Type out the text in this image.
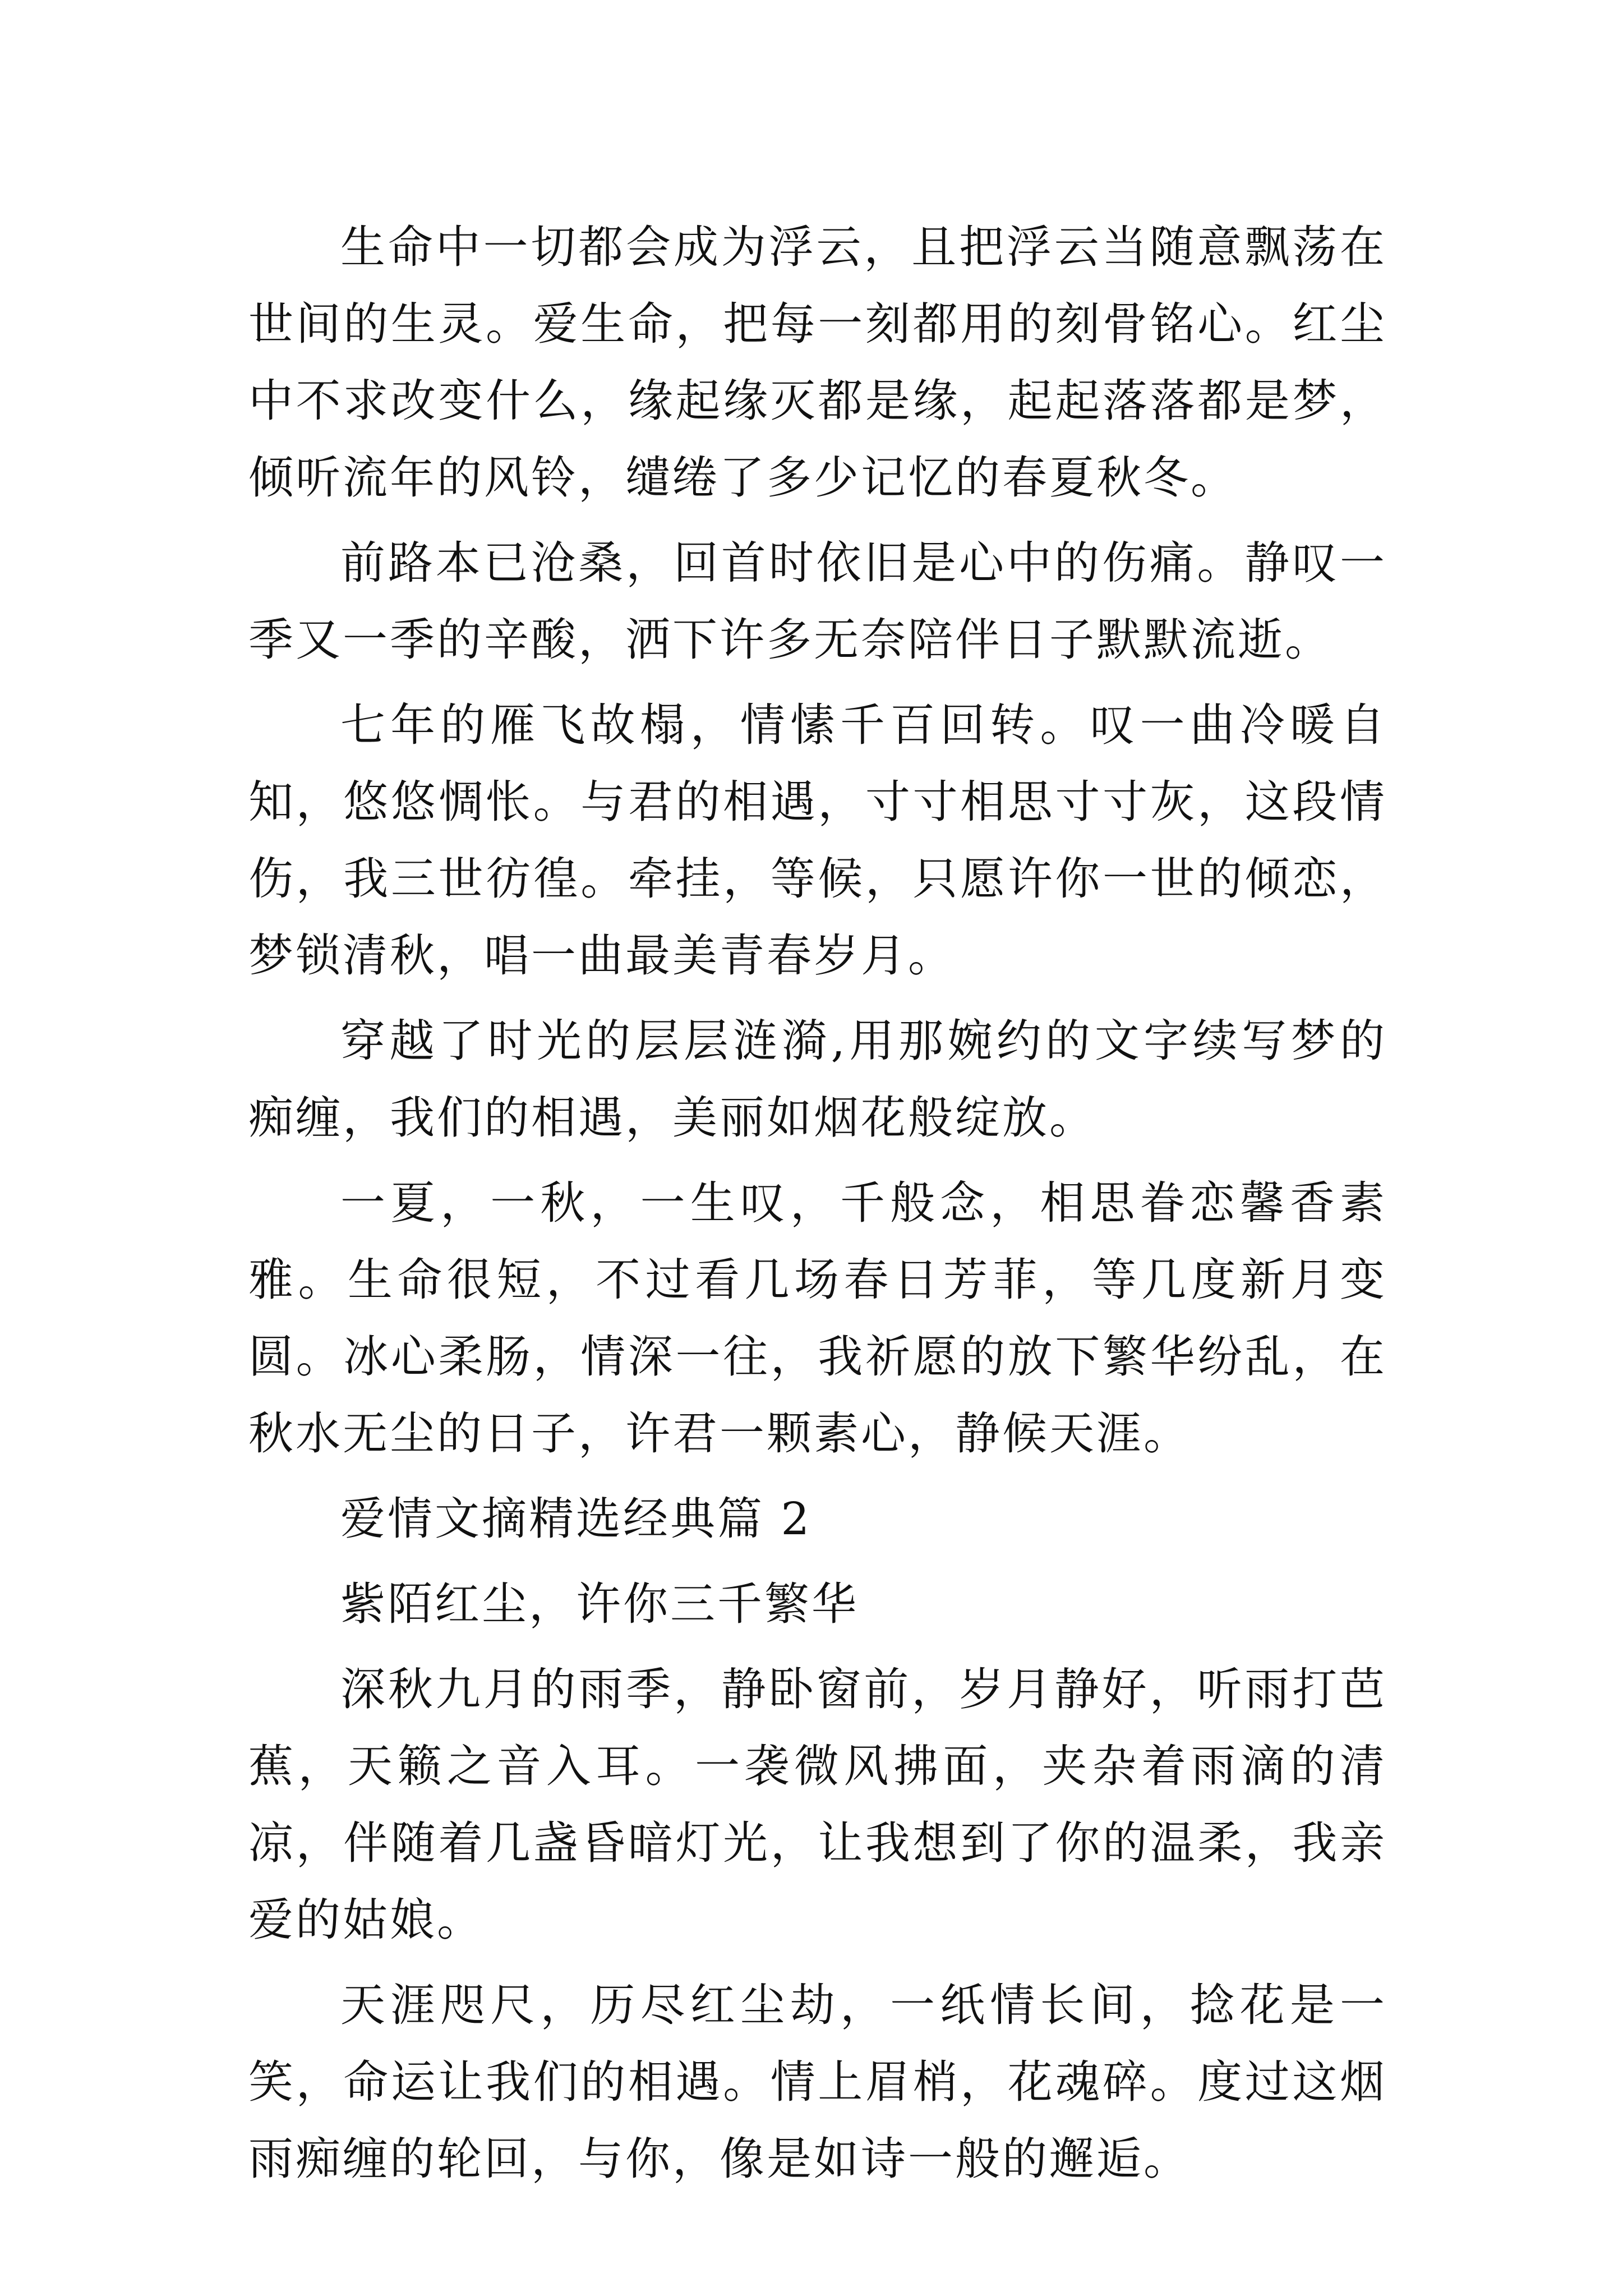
生命中一切都会成为浮云，且把浮云当随意飘荡在世间的生灵。爱生命，把每一刻都用的刻骨铭心。红尘中不求改变什么，缘起缘灭都是缘，起起落落都是梦，倾听流年的风铃，缱绻了多少记忆的春夏秋冬。

前路本已沧桑，回首时依旧是心中的伤痛。静叹一季又一季的辛酸，洒下许多无奈陪伴日子默默流逝。

七年的雁飞故榻，情愫千百回转。叹一曲冷暖自知，悠悠惆怅。与君的相遇，寸寸相思寸寸灰，这段情伤，我三世彷徨。牵挂，等候，只愿许你一世的倾恋，梦锁清秋，唱一曲最美青春岁月。

穿越了时光的层层涟漪,用那婉约的文字续写梦的痴缠，我们的相遇，美丽如烟花般绽放。

一夏，一秋，一生叹，千般念，相思眷恋馨香素雅。生命很短，不过看几场春日芳菲，等几度新月变圆。冰心柔肠，情深一往，我祈愿的放下繁华纷乱，在秋水无尘的日子，许君一颗素心，静候天涯。

爱情文摘精选经典篇 2

紫陌红尘，许你三千繁华

深秋九月的雨季，静卧窗前，岁月静好，听雨打芭蕉，天籁之音入耳。一袭微风拂面，夹杂着雨滴的清凉，伴随着几盏昏暗灯光，让我想到了你的温柔，我亲爱的姑娘。

天涯咫尺，历尽红尘劫，一纸情长间，捻花是一笑，命运让我们的相遇。情上眉梢，花魂碎。度过这烟雨痴缠的轮回，与你，像是如诗一般的邂逅。
